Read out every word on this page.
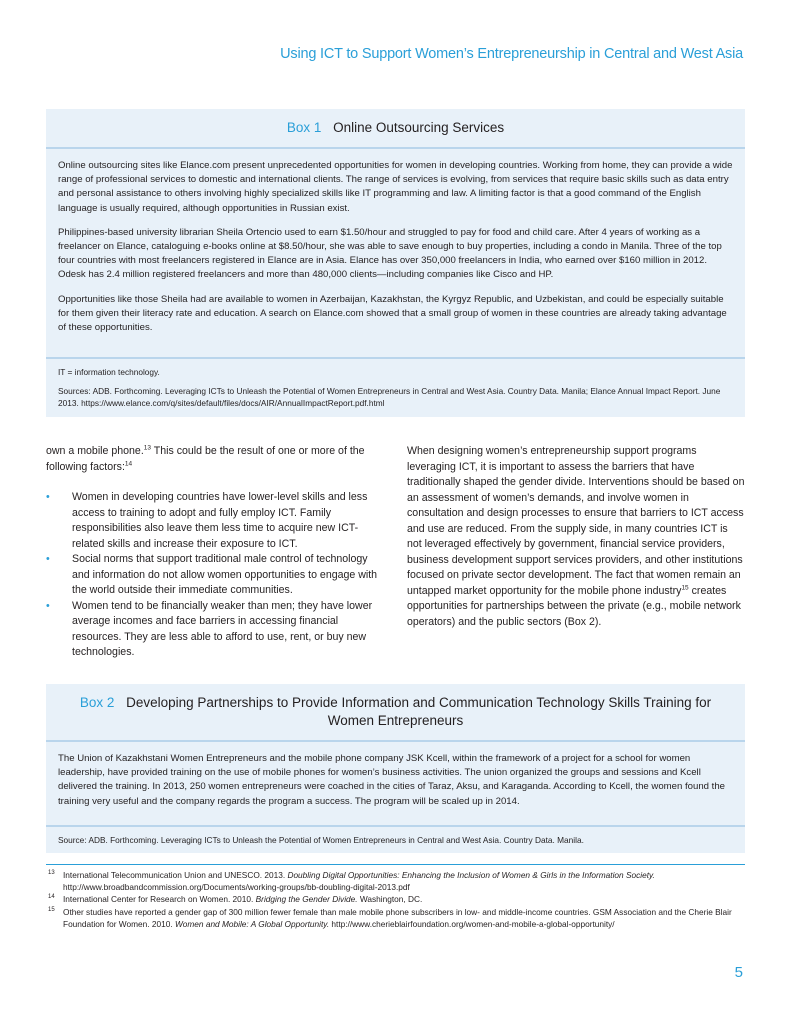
Using ICT to Support Women’s Entrepreneurship in Central and West Asia
Box 1 Online Outsourcing Services

Online outsourcing sites like Elance.com present unprecedented opportunities for women in developing countries. Working from home, they can provide a wide range of professional services to domestic and international clients. The range of services is evolving, from services that require basic skills such as data entry and personal assistance to others involving highly specialized skills like IT programming and law. A limiting factor is that a good command of the English language is usually required, although opportunities in Russian exist.

Philippines-based university librarian Sheila Ortencio used to earn $1.50/hour and struggled to pay for food and child care. After 4 years of working as a freelancer on Elance, cataloguing e-books online at $8.50/hour, she was able to save enough to buy properties, including a condo in Manila. Three of the top four countries with most freelancers registered in Elance are in Asia. Elance has over 350,000 freelancers in India, who earned over $160 million in 2012. Odesk has 2.4 million registered freelancers and more than 480,000 clients—including companies like Cisco and HP.

Opportunities like those Sheila had are available to women in Azerbaijan, Kazakhstan, the Kyrgyz Republic, and Uzbekistan, and could be especially suitable for them given their literacy rate and education. A search on Elance.com showed that a small group of women in these countries are already taking advantage of these opportunities.

IT = information technology.

Sources: ADB. Forthcoming. Leveraging ICTs to Unleash the Potential of Women Entrepreneurs in Central and West Asia. Country Data. Manila; Elance Annual Impact Report. June 2013. https://www.elance.com/q/sites/default/files/docs/AIR/AnnualImpactReport.pdf.html

own a mobile phone.$^{13}$ This could be the result of one or more of the following factors:$^{14}$

• Women in developing countries have lower-level skills and less access to training to adopt and fully employ ICT. Family responsibilities also leave them less time to acquire new ICT-related skills and increase their exposure to ICT.
• Social norms that support traditional male control of technology and information do not allow women opportunities to engage with the world outside their immediate communities.
• Women tend to be financially weaker than men; they have lower average incomes and face barriers in accessing financial resources. They are less able to afford to use, rent, or buy new technologies.

When designing women’s entrepreneurship support programs leveraging ICT, it is important to assess the barriers that have traditionally shaped the gender divide. Interventions should be based on an assessment of women’s demands, and involve women in consultation and design processes to ensure that barriers to ICT access and use are reduced. From the supply side, in many countries ICT is not leveraged effectively by government, financial service providers, business development support services providers, and other institutions focused on private sector development. The fact that women remain an untapped market opportunity for the mobile phone industry$^{15}$ creates opportunities for partnerships between the private (e.g., mobile network operators) and the public sectors (Box 2).

Box 2 Developing Partnerships to Provide Information and Communication Technology Skills Training for Women Entrepreneurs

The Union of Kazakhstani Women Entrepreneurs and the mobile phone company JSK Kcell, within the framework of a project for a school for women leadership, have provided training on the use of mobile phones for women’s business activities. The union organized the groups and sessions and Kcell delivered the training. In 2013, 250 women entrepreneurs were coached in the cities of Taraz, Aksu, and Karaganda. According to Kcell, the women found the training very useful and the company regards the program a success. The program will be scaled up in 2014.

Source: ADB. Forthcoming. Leveraging ICTs to Unleash the Potential of Women Entrepreneurs in Central and West Asia. Country Data. Manila.

13 International Telecommunication Union and UNESCO. 2013. Doubling Digital Opportunities: Enhancing the Inclusion of Women & Girls in the Information Society. http://www.broadbandcommission.org/Documents/working-groups/bb-doubling-digital-2013.pdf
14 International Center for Research on Women. 2010. Bridging the Gender Divide. Washington, DC.
15 Other studies have reported a gender gap of 300 million fewer female than male mobile phone subscribers in low- and middle-income countries. GSM Association and the Cherie Blair Foundation for Women. 2010. Women and Mobile: A Global Opportunity. http://www.cherieblairfoundation.org/women-and-mobile-a-global-opportunity/
5
